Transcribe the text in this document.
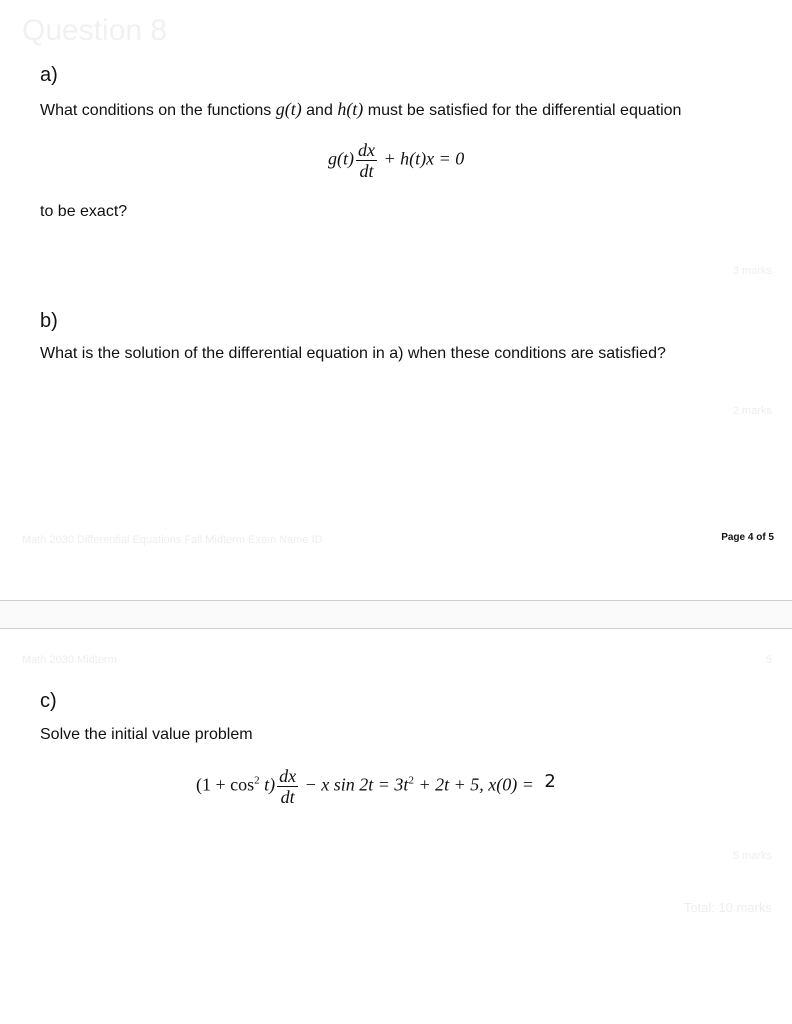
Question 8
a)
What conditions on the functions g(t) and h(t) must be satisfied for the differential equation
$g(t) \frac{dx}{dt} + h(t)x = 0$
to be exact?
3 marks
b)
What is the solution of the differential equation in a) when these conditions are satisfied?
2 marks
Math 2030 Differential Equations Fall Midterm Exam Name ID	Page 4 of 5
Math 2030 Midterm	5
c)
Solve the initial value problem
$(1 + \cos^2 t) \frac{dx}{dt} - x$ $\sin 2t = 3t^2 + 2t + 5$, x(0) = 2
5 marks
Total: 10 marks
